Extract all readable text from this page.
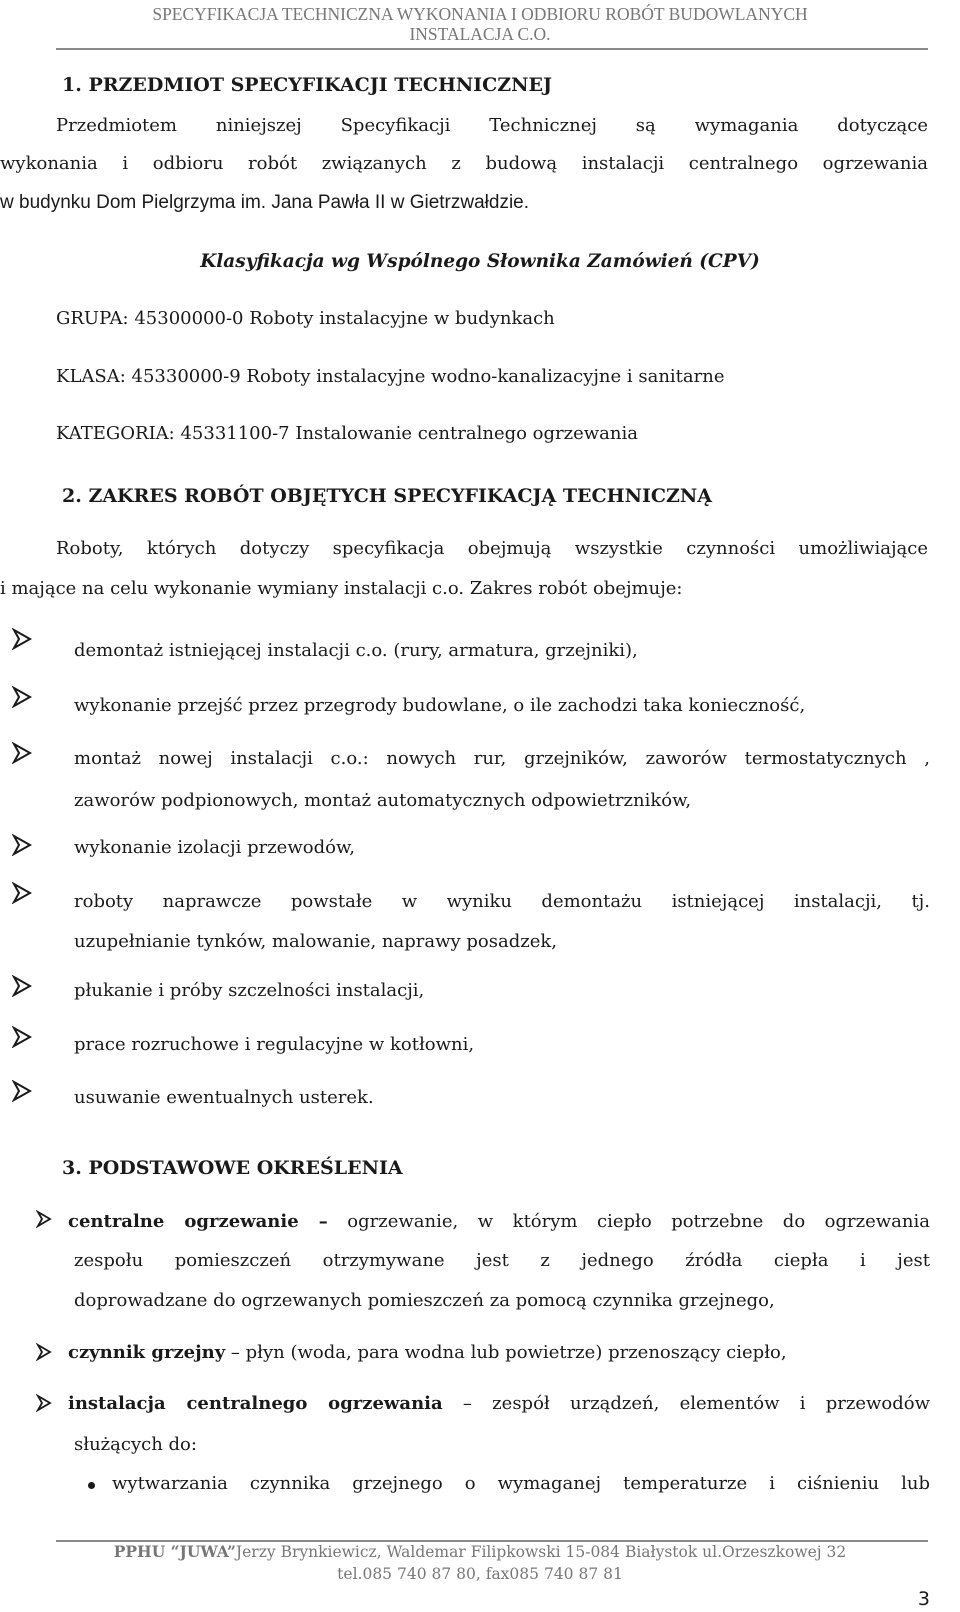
SPECYFIKACJA TECHNICZNA WYKONANIA I ODBIORU ROBÓT BUDOWLANYCH
INSTALACJA C.O.
1. PRZEDMIOT SPECYFIKACJI TECHNICZNEJ
Przedmiotem niniejszej Specyfikacji Technicznej są wymagania dotyczące
wykonania i odbioru robót związanych z budową instalacji centralnego ogrzewania
w budynku Dom Pielgrzyma im. Jana Pawła II w Gietrzwałdzie.
Klasyfikacja wg Wspólnego Słownika Zamówień (CPV)
GRUPA: 45300000-0 Roboty instalacyjne w budynkach
KLASA: 45330000-9 Roboty instalacyjne wodno-kanalizacyjne i sanitarne
KATEGORIA: 45331100-7 Instalowanie centralnego ogrzewania
2. ZAKRES ROBÓT OBJĘTYCH SPECYFIKACJĄ TECHNICZNĄ
Roboty, których dotyczy specyfikacja obejmują wszystkie czynności umożliwiające
i mające na celu wykonanie wymiany instalacji c.o. Zakres robót obejmuje:
demontaż istniejącej instalacji c.o. (rury, armatura, grzejniki),
wykonanie przejść przez przegrody budowlane, o ile zachodzi taka konieczność,
montaż nowej instalacji c.o.: nowych rur, grzejników, zaworów termostatycznych ,
zaworów podpionowych, montaż automatycznych odpowietrzników,
wykonanie izolacji przewodów,
roboty naprawcze powstałe w wyniku demontażu istniejącej instalacji, tj.
uzupełnianie tynków, malowanie, naprawy posadzek,
płukanie i próby szczelności instalacji,
prace rozruchowe i regulacyjne w kotłowni,
usuwanie ewentualnych usterek.
3. PODSTAWOWE OKREŚLENIA
centralne ogrzewanie – ogrzewanie, w którym ciepło potrzebne do ogrzewania
zespołu pomieszczeń otrzymywane jest z jednego źródła ciepła i jest
doprowadzane do ogrzewanych pomieszczeń za pomocą czynnika grzejnego,
czynnik grzejny – płyn (woda, para wodna lub powietrze) przenoszący ciepło,
instalacja centralnego ogrzewania – zespół urządzeń, elementów i przewodów
służących do:
wytwarzania czynnika grzejnego o wymaganej temperaturze i ciśnieniu lub
PPHU “JUWA”Jerzy Brynkiewicz, Waldemar Filipkowski 15-084 Białystok ul.Orzeszkowej 32
tel.085 740 87 80, fax085 740 87 81
3
